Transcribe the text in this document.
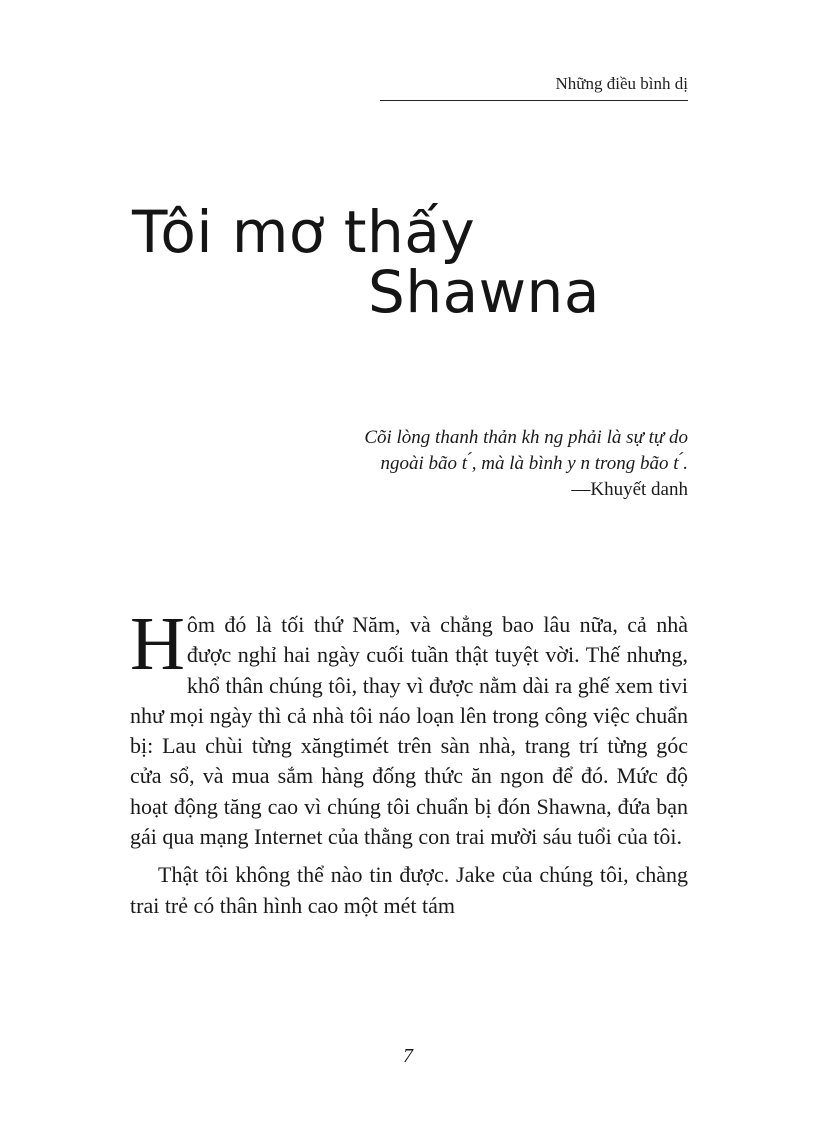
Những điều bình dị
Tôi mơ thấy
Shawna
Cõi lòng thanh thản kh ng phải là sự tự do
ngoài bão t ́, mà là bình y n trong bão t ́.
—Khuyết danh

Hôm đó là tối thứ Năm, và chẳng bao lâu nữa, cả nhà được nghỉ hai ngày cuối tuần thật tuyệt vời. Thế nhưng, khổ thân chúng tôi, thay vì được nằm dài ra ghế xem tivi như mọi ngày thì cả nhà tôi náo loạn lên trong công việc chuẩn bị: Lau chùi từng xăngtimét trên sàn nhà, trang trí từng góc cửa sổ, và mua sắm hàng đống thức ăn ngon để đó. Mức độ hoạt động tăng cao vì chúng tôi chuẩn bị đón Shawna, đứa bạn gái qua mạng Internet của thằng con trai mười sáu tuổi của tôi.

Thật tôi không thể nào tin được. Jake của chúng tôi, chàng trai trẻ có thân hình cao một mét tám

7
